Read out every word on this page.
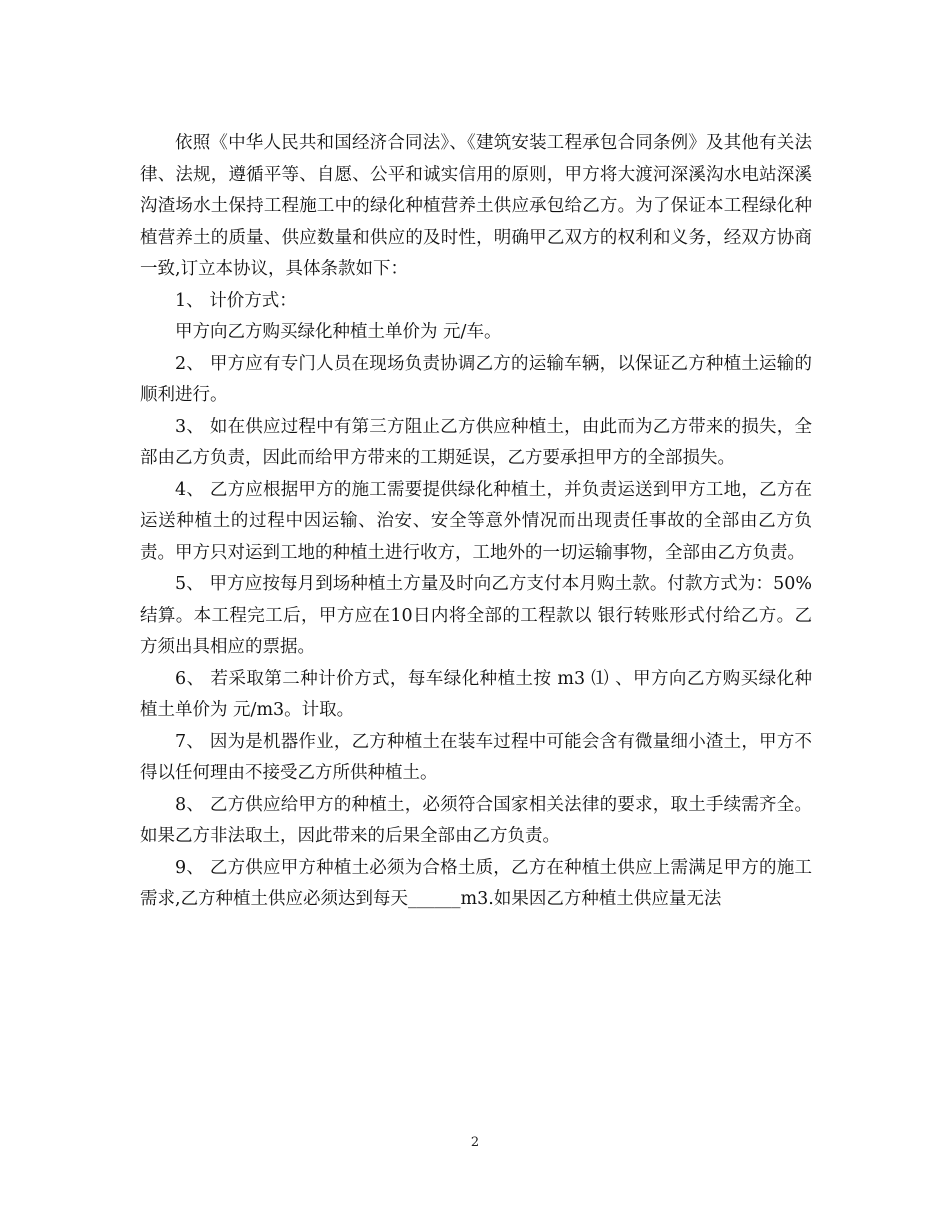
依照《中华人民共和国经济合同法》、《建筑安装工程承包合同条例》及其他有关法律、法规，遵循平等、自愿、公平和诚实信用的原则，甲方将大渡河深溪沟水电站深溪沟渣场水土保持工程施工中的绿化种植营养土供应承包给乙方。为了保证本工程绿化种植营养土的质量、供应数量和供应的及时性，明确甲乙双方的权利和义务，经双方协商一致,订立本协议，具体条款如下：

1、 计价方式：

甲方向乙方购买绿化种植土单价为 元/车。

2、 甲方应有专门人员在现场负责协调乙方的运输车辆，以保证乙方种植土运输的顺利进行。

3、 如在供应过程中有第三方阻止乙方供应种植土，由此而为乙方带来的损失，全部由乙方负责，因此而给甲方带来的工期延误，乙方要承担甲方的全部损失。

4、 乙方应根据甲方的施工需要提供绿化种植土，并负责运送到甲方工地，乙方在运送种植土的过程中因运输、治安、安全等意外情况而出现责任事故的全部由乙方负责。甲方只对运到工地的种植土进行收方，工地外的一切运输事物，全部由乙方负责。

5、 甲方应按每月到场种植土方量及时向乙方支付本月购土款。付款方式为：50% 结算。本工程完工后，甲方应在10日内将全部的工程款以 银行转账形式付给乙方。乙方须出具相应的票据。

6、 若采取第二种计价方式，每车绿化种植土按 m3 ⑴ 、甲方向乙方购买绿化种植土单价为 元/m3。计取。

7、 因为是机器作业，乙方种植土在装车过程中可能会含有微量细小渣土，甲方不得以任何理由不接受乙方所供种植土。

8、 乙方供应给甲方的种植土，必须符合国家相关法律的要求，取土手续需齐全。如果乙方非法取土，因此带来的后果全部由乙方负责。

9、 乙方供应甲方种植土必须为合格土质，乙方在种植土供应上需满足甲方的施工需求,乙方种植土供应必须达到每天______m3.如果因乙方种植土供应量无法

2
